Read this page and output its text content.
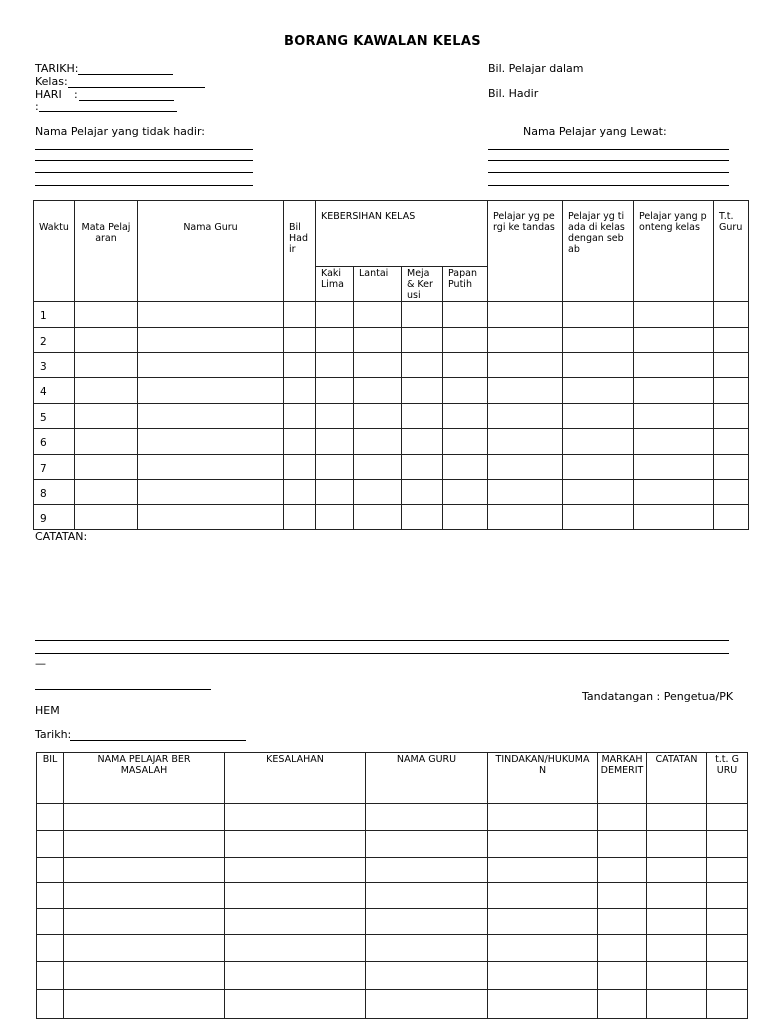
BORANG KAWALAN KELAS
TARIKH:
Kelas:
HARI :
:
Bil. Pelajar dalam
Bil. Hadir
Nama Pelajar yang tidak hadir:	Nama Pelajar yang Lewat:
Waktu	Mata Pelajaran	Nama Guru	Bil Hadir	KEBERSIHAN KELAS				Pelajar yg pergi ke tandas	Pelajar yg tiada di kelas dengan sebab	Pelajar yang ponteng kelas	T.t. Guru

				Kaki Lima	Lantai	Meja & Kerusi	Papan Putih				

1											

2											

3											

4											

5											

6											

7											

8											

9											

CATATAN:
—
Tandatangan : Pengetua/PK
HEM
Tarikh:
BIL	NAMA PELAJAR BERMASALAH	KESALAHAN	NAMA GURU	TINDAKAN/HUKUMAN	MARKAH DEMERIT	CATATAN	t.t. GURU
